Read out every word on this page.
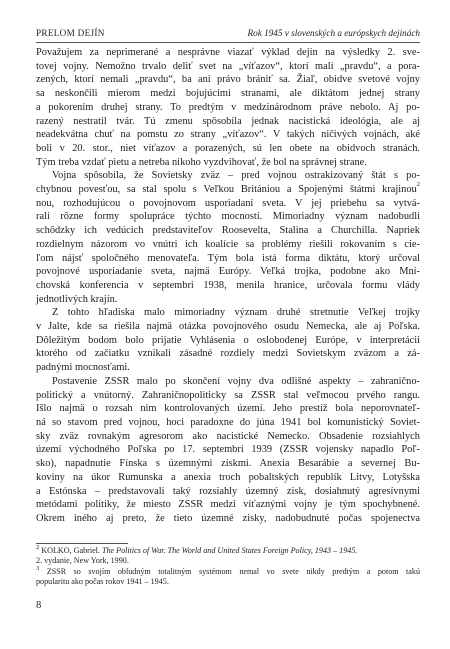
PRELOM DEJÍN	Rok 1945 v slovenských a európskych dejinách

Považujem za neprimerané a nesprávne viazať výklad dejín na výsledky 2. sve-
tovej vojny. Nemožno trvalo deliť svet na „víťazov“, ktorí mali „pravdu“, a pora-
zených, ktorí nemali „pravdu“, ba ani právo brániť sa. Žiaľ, obidve svetové vojny
sa neskončili mierom medzi bojujúcimi stranami, ale diktátom jednej strany
a pokorením druhej strany. To predtým v medzinárodnom práve nebolo. Aj po-
razený nestratil tvár. Tú zmenu spôsobila jednak nacistická ideológia, ale aj
neadekvátna chuť na pomstu zo strany „víťazov“. V takých ničivých vojnách, aké
boli v 20. stor., niet víťazov a porazených, sú len obete na obidvoch stranách.
Tým treba vzdať pietu a netreba nikoho vyzdvihovať, že bol na správnej strane.

Vojna spôsobila, že Sovietsky zväz – pred vojnou ostrakizovaný štát s po-
chybnou povesťou, sa stal spolu s Veľkou Britániou a Spojenými štátmi krajinou$^2$
nou, rozhodujúcou o povojnovom usporiadaní sveta. V jej priebehu sa vytvá-
rali rôzne formy spolupráce týchto mocností. Mimoriadny význam nadobudli
schôdzky ich vedúcich predstaviteľov Roosevelta, Stalina a Churchilla. Napriek
rozdielnym názorom vo vnútri ich koalície sa problémy riešili rokovaním s cie-
ľom nájsť spoločného menovateľa. Tým bola istá forma diktátu, ktorý určoval
povojnové usporiadanie sveta, najmä Európy. Veľká trojka, podobne ako Mní-
chovská konferencia v septembri 1938, menila hranice, určovala formu vlády
jednotlivých krajín.

Z tohto hľadiska malo mimoriadny význam druhé stretnutie Veľkej trojky
v Jalte, kde sa riešila najmä otázka povojnového osudu Nemecka, ale aj Poľska.
Dôležitým bodom bolo prijatie Vyhlásenia o oslobodenej Európe, v interpretácii
ktorého od začiatku vznikali zásadné rozdiely medzi Sovietskym zväzom a zá-
padnými mocnosťami.

Postavenie ZSSR malo po skončení vojny dva odlišné aspekty – zahranično-
politický a vnútorný. Zahraničnopoliticky sa ZSSR stal veľmocou prvého rangu.
Išlo najmä o rozsah nim kontrolovaných území. Jeho prestíž bola neporovnateľ-
ná so stavom pred vojnou, hoci paradoxne do júna 1941 bol komunistický Soviet-
sky zväz rovnakým agresorom ako nacistické Nemecko. Obsadenie rozsiahlych
území východného Poľska po 17. septembri 1939 (ZSSR vojensky napadlo Poľ-
sko), napadnutie Fínska s územnými ziskmi. Anexia Besarábie a severnej Bu-
koviny na úkor Rumunska a anexia troch pobaltských republík Litvy, Lotyšska
a Estónska – predstavovali taký rozsiahly územný zisk, dosiahnutý agresívnymi
metódami politiky, že miesto ZSSR medzi víťaznými vojny je tým spochybnené.
Okrem iného aj preto, že tieto územné zisky, nadobudnuté počas spojenectva

$^2$ KOLKO, Gabriel. The Politics of War. The World and United States Foreign Policy, 1943 – 1945.
2. vydanie, New York, 1990.
$^3$ ZSSR so svojím obludným totalitným systémom nemal vo svete nikdy predtým a potom takú
popularitu ako počas rokov 1941 – 1945.
8
